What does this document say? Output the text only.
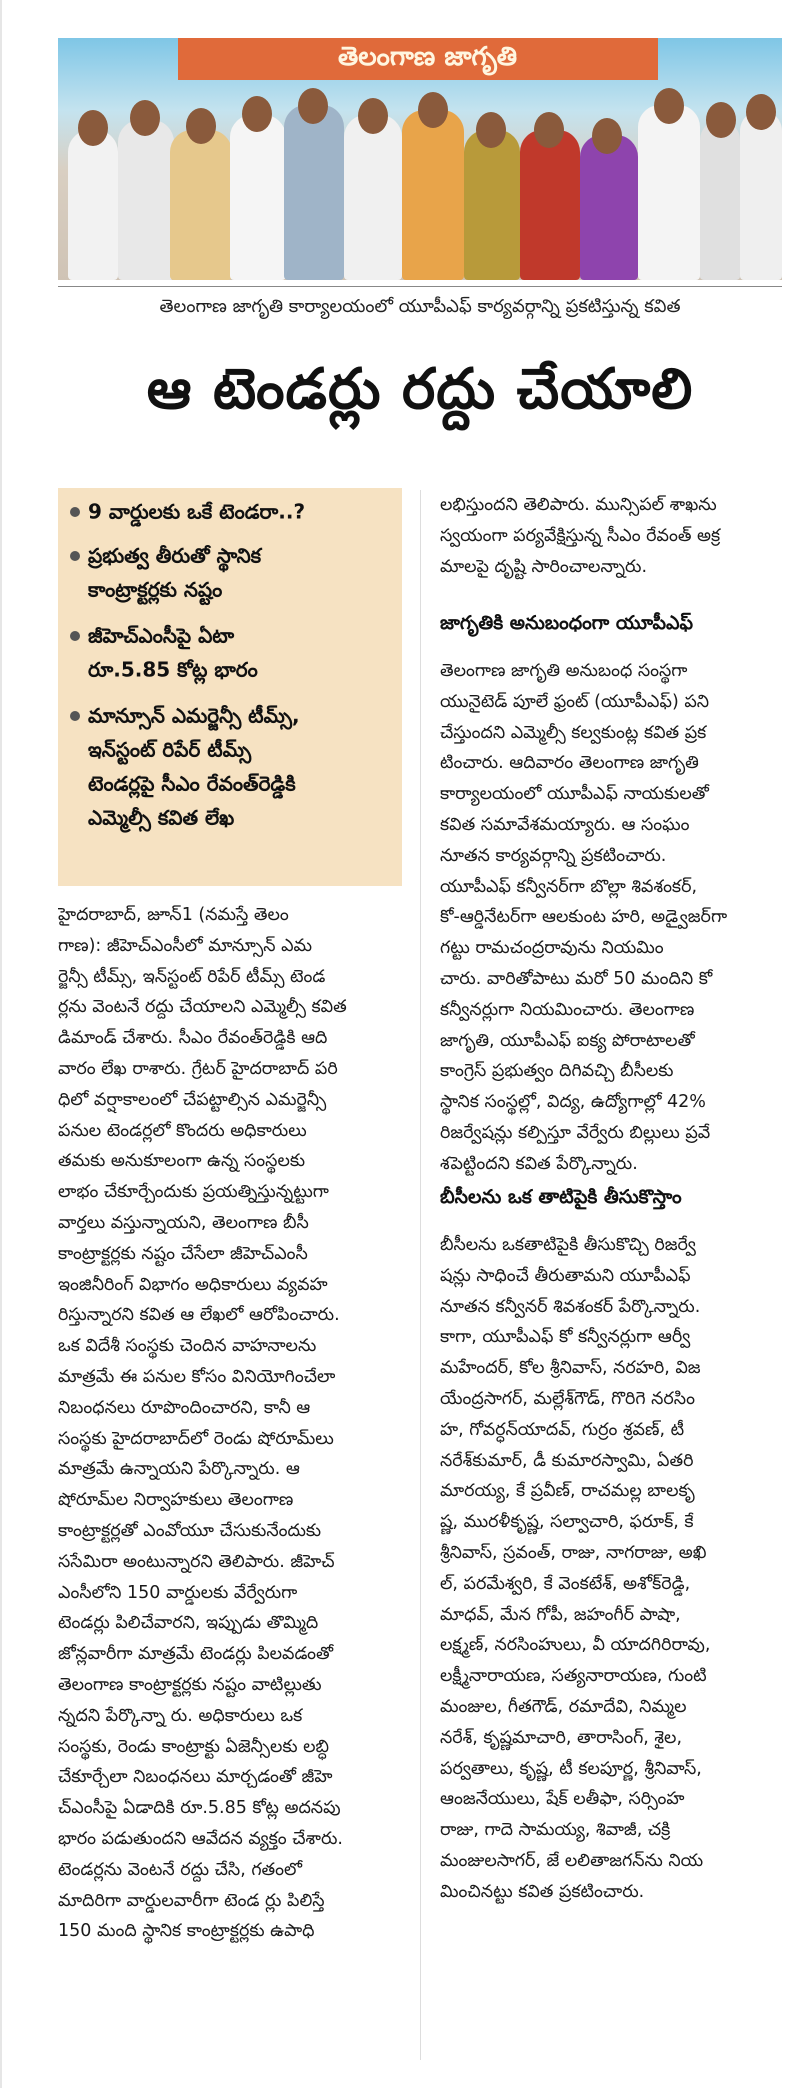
తెలంగాణ జాగృతి
తెలంగాణ జాగృతి కార్యాలయంలో యూపీఎఫ్ కార్యవర్గాన్ని ప్రకటిస్తున్న కవిత
ఆ టెండర్లు రద్దు చేయాలి
9 వార్డులకు ఒకే టెండరా..?
ప్రభుత్వ తీరుతో స్థానిక
కాంట్రాక్టర్లకు నష్టం
జీహెచ్ఎంసీపై ఏటా
రూ.5.85 కోట్ల భారం
మాన్సూన్ ఎమర్జెన్సీ టీమ్స్,
ఇన్‌స్టంట్ రిపేర్ టీమ్స్
టెండర్లపై సీఎం రేవంత్‌రెడ్డికి
ఎమ్మెల్సీ కవిత లేఖ
హైదరాబాద్, జూన్1 (నమస్తే తెలం
గాణ): జీహెచ్ఎంసీలో మాన్సూన్ ఎమ
ర్జెన్సీ టీమ్స్, ఇన్‌స్టంట్ రిపేర్ టీమ్స్ టెండ
ర్లను వెంటనే రద్దు చేయాలని ఎమ్మెల్సీ కవిత
డిమాండ్ చేశారు. సీఎం రేవంత్‌రెడ్డికి ఆది
వారం లేఖ రాశారు. గ్రేటర్ హైదరాబాద్ పరి
ధిలో వర్షాకాలంలో చేపట్టాల్సిన ఎమర్జెన్సీ
పనుల టెండర్లలో కొందరు అధికారులు
తమకు అనుకూలంగా ఉన్న సంస్థలకు
లాభం చేకూర్చేందుకు ప్రయత్నిస్తున్నట్టుగా
వార్తలు వస్తున్నాయని, తెలంగాణ బీసీ
కాంట్రాక్టర్లకు నష్టం చేసేలా జీహెచ్ఎంసీ
ఇంజినీరింగ్ విభాగం అధికారులు వ్యవహ
రిస్తున్నారని కవిత ఆ లేఖలో ఆరోపించారు.
ఒక విదేశీ సంస్థకు చెందిన వాహనాలను
మాత్రమే ఈ పనుల కోసం వినియోగించేలా
నిబంధనలు రూపొందించారని, కానీ ఆ
సంస్థకు హైదరాబాద్‌లో రెండు షోరూమ్‌లు
మాత్రమే ఉన్నాయని పేర్కొన్నారు. ఆ
షోరూమ్‌ల నిర్వాహకులు తెలంగాణ
కాంట్రాక్టర్లతో ఎంవోయూ చేసుకునేందుకు
ససేమిరా అంటున్నారని తెలిపారు. జీహెచ్
ఎంసీలోని 150 వార్డులకు వేర్వేరుగా
టెండర్లు పిలిచేవారని, ఇప్పుడు తొమ్మిది
జోన్లవారీగా మాత్రమే టెండర్లు పిలవడంతో
తెలంగాణ కాంట్రాక్టర్లకు నష్టం వాటిల్లుతు
న్నదని పేర్కొన్నా రు. అధికారులు ఒక
సంస్థకు, రెండు కాంట్రాక్టు ఏజెన్సీలకు లబ్ధి
చేకూర్చేలా నిబంధనలు మార్చడంతో జీహె
చ్ఎంసీపై ఏడాదికి రూ.5.85 కోట్ల అదనపు
భారం పడుతుందని ఆవేదన వ్యక్తం చేశారు.
టెండర్లను వెంటనే రద్దు చేసి, గతంలో
మాదిరిగా వార్డులవారీగా టెండ ర్లు పిలిస్తే
150 మంది స్థానిక కాంట్రాక్టర్లకు ఉపాధి
లభిస్తుందని తెలిపారు. మున్సిపల్ శాఖను
స్వయంగా పర్యవేక్షిస్తున్న సీఎం రేవంత్ అక్ర
మాలపై దృష్టి సారించాలన్నారు.
జాగృతికి అనుబంధంగా యూపీఎఫ్
తెలంగాణ జాగృతి అనుబంధ సంస్థగా
యునైటెడ్ పూలే ఫ్రంట్ (యూపీఎఫ్) పని
చేస్తుందని ఎమ్మెల్సీ కల్వకుంట్ల కవిత ప్రక
టించారు. ఆదివారం తెలంగాణ జాగృతి
కార్యాలయంలో యూపీఎఫ్ నాయకులతో
కవిత సమావేశమయ్యారు. ఆ సంఘం
నూతన కార్యవర్గాన్ని ప్రకటించారు.
యూపీఎఫ్ కన్వీనర్‌గా బొల్లా శివశంకర్,
కో-ఆర్డినేటర్‌గా ఆలకుంట హరి, అడ్వైజర్‌గా
గట్టు రామచంద్రరావును నియమిం
చారు. వారితోపాటు మరో 50 మందిని కో
కన్వీనర్లుగా నియమించారు. తెలంగాణ
జాగృతి, యూపీఎఫ్ ఐక్య పోరాటాలతో
కాంగ్రెస్ ప్రభుత్వం దిగివచ్చి బీసీలకు
స్థానిక సంస్థల్లో, విద్య, ఉద్యోగాల్లో 42%
రిజర్వేషన్లు కల్పిస్తూ వేర్వేరు బిల్లులు ప్రవే
శపెట్టిందని కవిత పేర్కొన్నారు.
బీసీలను ఒక తాటిపైకి తీసుకొస్తాం
బీసీలను ఒకతాటిపైకి తీసుకొచ్చి రిజర్వే
షన్లు సాధించే తీరుతామని యూపీఎఫ్
నూతన కన్వీనర్ శివశంకర్ పేర్కొన్నారు.
కాగా, యూపీఎఫ్ కో కన్వీనర్లుగా ఆర్వీ
మహేందర్, కోల శ్రీనివాస్, నరహరి, విజ
యేంద్రసాగర్, మల్లేశ్‌గౌడ్, గొరిగె నరసిం
హ, గోవర్ధన్‌యాదవ్, గుర్రం శ్రవణ్, టీ
నరేశ్‌కుమార్, డీ కుమారస్వామి, ఏతరి
మారయ్య, కే ప్రవీణ్, రాచమల్ల బాలకృ
ష్ణ, మురళీకృష్ణ, సల్వాచారి, ఫరూక్, కే
శ్రీనివాస్, స్రవంత్, రాజు, నాగరాజు, అఖి
ల్, పరమేశ్వరి, కే వెంకటేశ్, అశోక్‌రెడ్డి,
మాధవ్, మేన గోపీ, జహంగీర్ పాషా,
లక్ష్మణ్, నరసింహులు, వీ యాదగిరిరావు,
లక్ష్మీనారాయణ, సత్యనారాయణ, గుంటి
మంజుల, గీతగౌడ్, రమాదేవి, నిమ్మల
నరేశ్, కృష్ణమాచారి, తారాసింగ్, శైల,
పర్వతాలు, కృష్ణ, టీ కలపూర్ణ, శ్రీనివాస్,
ఆంజనేయులు, షేక్ లతీఫా, సర్సింహ
రాజు, గాదె సామయ్య, శివాజీ, చక్రి
మంజులసాగర్, జే లలితాజగన్‌ను నియ
మించినట్టు కవిత ప్రకటించారు.
